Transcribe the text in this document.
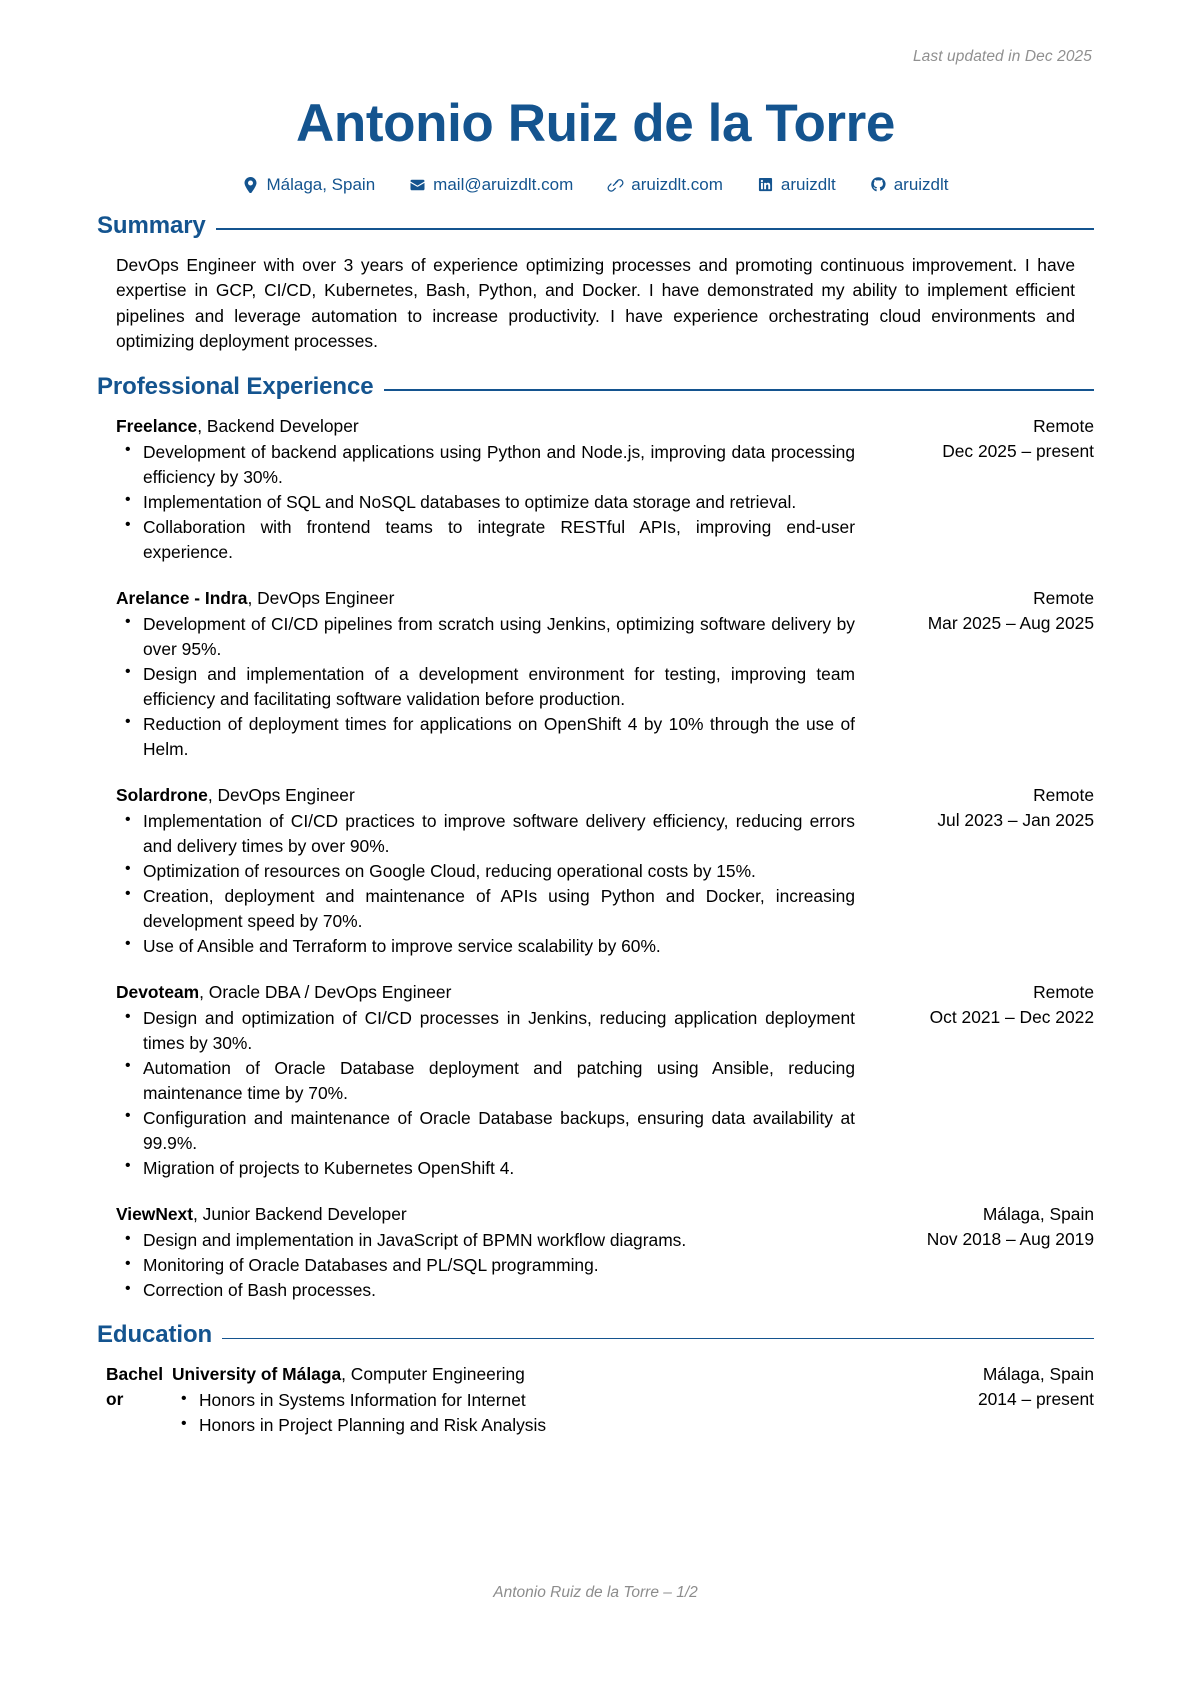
Last updated in Dec 2025
Antonio Ruiz de la Torre
Málaga, Spain	mail@aruizdlt.com	aruizdlt.com	aruizdlt	aruizdlt
Summary

DevOps Engineer with over 3 years of experience optimizing processes and promoting continuous improvement. I have expertise in GCP, CI/CD, Kubernetes, Bash, Python, and Docker. I have demonstrated my ability to implement efficient pipelines and leverage automation to increase productivity. I have experience orchestrating cloud environments and optimizing deployment processes.

Professional Experience
Freelance, Backend Developer
• Development of backend applications using Python and Node.js, improving data processing efficiency by 30%.
• Implementation of SQL and NoSQL databases to optimize data storage and retrieval.
• Collaboration with frontend teams to integrate RESTful APIs, improving end-user experience.
Remote
Dec 2025 – present
Arelance - Indra, DevOps Engineer
• Development of CI/CD pipelines from scratch using Jenkins, optimizing software delivery by over 95%.
• Design and implementation of a development environment for testing, improving team efficiency and facilitating software validation before production.
• Reduction of deployment times for applications on OpenShift 4 by 10% through the use of Helm.
Remote
Mar 2025 – Aug 2025
Solardrone, DevOps Engineer
• Implementation of CI/CD practices to improve software delivery efficiency, reducing errors and delivery times by over 90%.
• Optimization of resources on Google Cloud, reducing operational costs by 15%.
• Creation, deployment and maintenance of APIs using Python and Docker, increasing development speed by 70%.
• Use of Ansible and Terraform to improve service scalability by 60%.
Remote
Jul 2023 – Jan 2025
Devoteam, Oracle DBA / DevOps Engineer
• Design and optimization of CI/CD processes in Jenkins, reducing application deployment times by 30%.
• Automation of Oracle Database deployment and patching using Ansible, reducing maintenance time by 70%.
• Configuration and maintenance of Oracle Database backups, ensuring data availability at 99.9%.
• Migration of projects to Kubernetes OpenShift 4.
Remote
Oct 2021 – Dec 2022
ViewNext, Junior Backend Developer
• Design and implementation in JavaScript of BPMN workflow diagrams.
• Monitoring of Oracle Databases and PL/SQL programming.
• Correction of Bash processes.
Málaga, Spain
Nov 2018 – Aug 2019
Education
Bachelor
University of Málaga, Computer Engineering
• Honors in Systems Information for Internet
• Honors in Project Planning and Risk Analysis
Málaga, Spain
2014 – present
Antonio Ruiz de la Torre – 1/2
